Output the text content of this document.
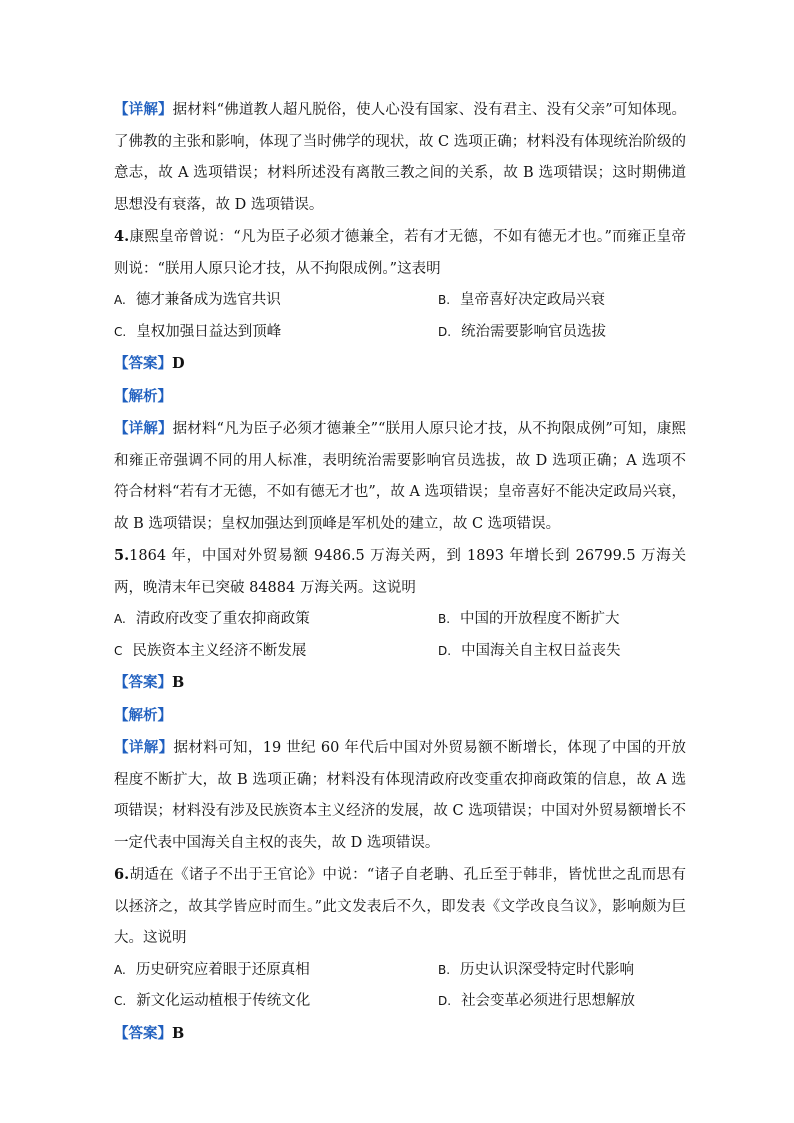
【详解】据材料“佛道教人超凡脱俗，使人心没有国家、没有君主、没有父亲”可知体现。了佛教的主张和影响，体现了当时佛学的现状，故 C 选项正确；材料没有体现统治阶级的意志，故 A 选项错误；材料所述没有离散三教之间的关系，故 B 选项错误；这时期佛道思想没有衰落，故 D 选项错误。

4.康熙皇帝曾说：“凡为臣子必须才德兼全，若有才无德，不如有德无才也。”而雍正皇帝则说：“朕用人原只论才技，从不拘限成例。”这表明

A. 德才兼备成为选官共识	B. 皇帝喜好决定政局兴衰
C. 皇权加强日益达到顶峰	D. 统治需要影响官员选拔
【答案】D
【解析】

【详解】据材料“凡为臣子必须才德兼全”“朕用人原只论才技，从不拘限成例”可知，康熙和雍正帝强调不同的用人标准，表明统治需要影响官员选拔，故 D 选项正确；A 选项不符合材料“若有才无德，不如有德无才也”，故 A 选项错误；皇帝喜好不能决定政局兴衰，故 B 选项错误；皇权加强达到顶峰是军机处的建立，故 C 选项错误。

5.1864 年，中国对外贸易额 9486.5 万海关两，到 1893 年增长到 26799.5 万海关两，晚清末年已突破 84884 万海关两。这说明

A. 清政府改变了重农抑商政策	B. 中国的开放程度不断扩大
C 民族资本主义经济不断发展	D. 中国海关自主权日益丧失
【答案】B
【解析】

【详解】据材料可知，19 世纪 60 年代后中国对外贸易额不断增长，体现了中国的开放程度不断扩大，故 B 选项正确；材料没有体现清政府改变重农抑商政策的信息，故 A 选项错误；材料没有涉及民族资本主义经济的发展，故 C 选项错误；中国对外贸易额增长不一定代表中国海关自主权的丧失，故 D 选项错误。

6.胡适在《诸子不出于王官论》中说：“诸子自老聃、孔丘至于韩非，皆忧世之乱而思有以拯济之，故其学皆应时而生。”此文发表后不久，即发表《文学改良刍议》，影响颇为巨大。这说明

A. 历史研究应着眼于还原真相	B. 历史认识深受特定时代影响
C. 新文化运动植根于传统文化	D. 社会变革必须进行思想解放
【答案】B
